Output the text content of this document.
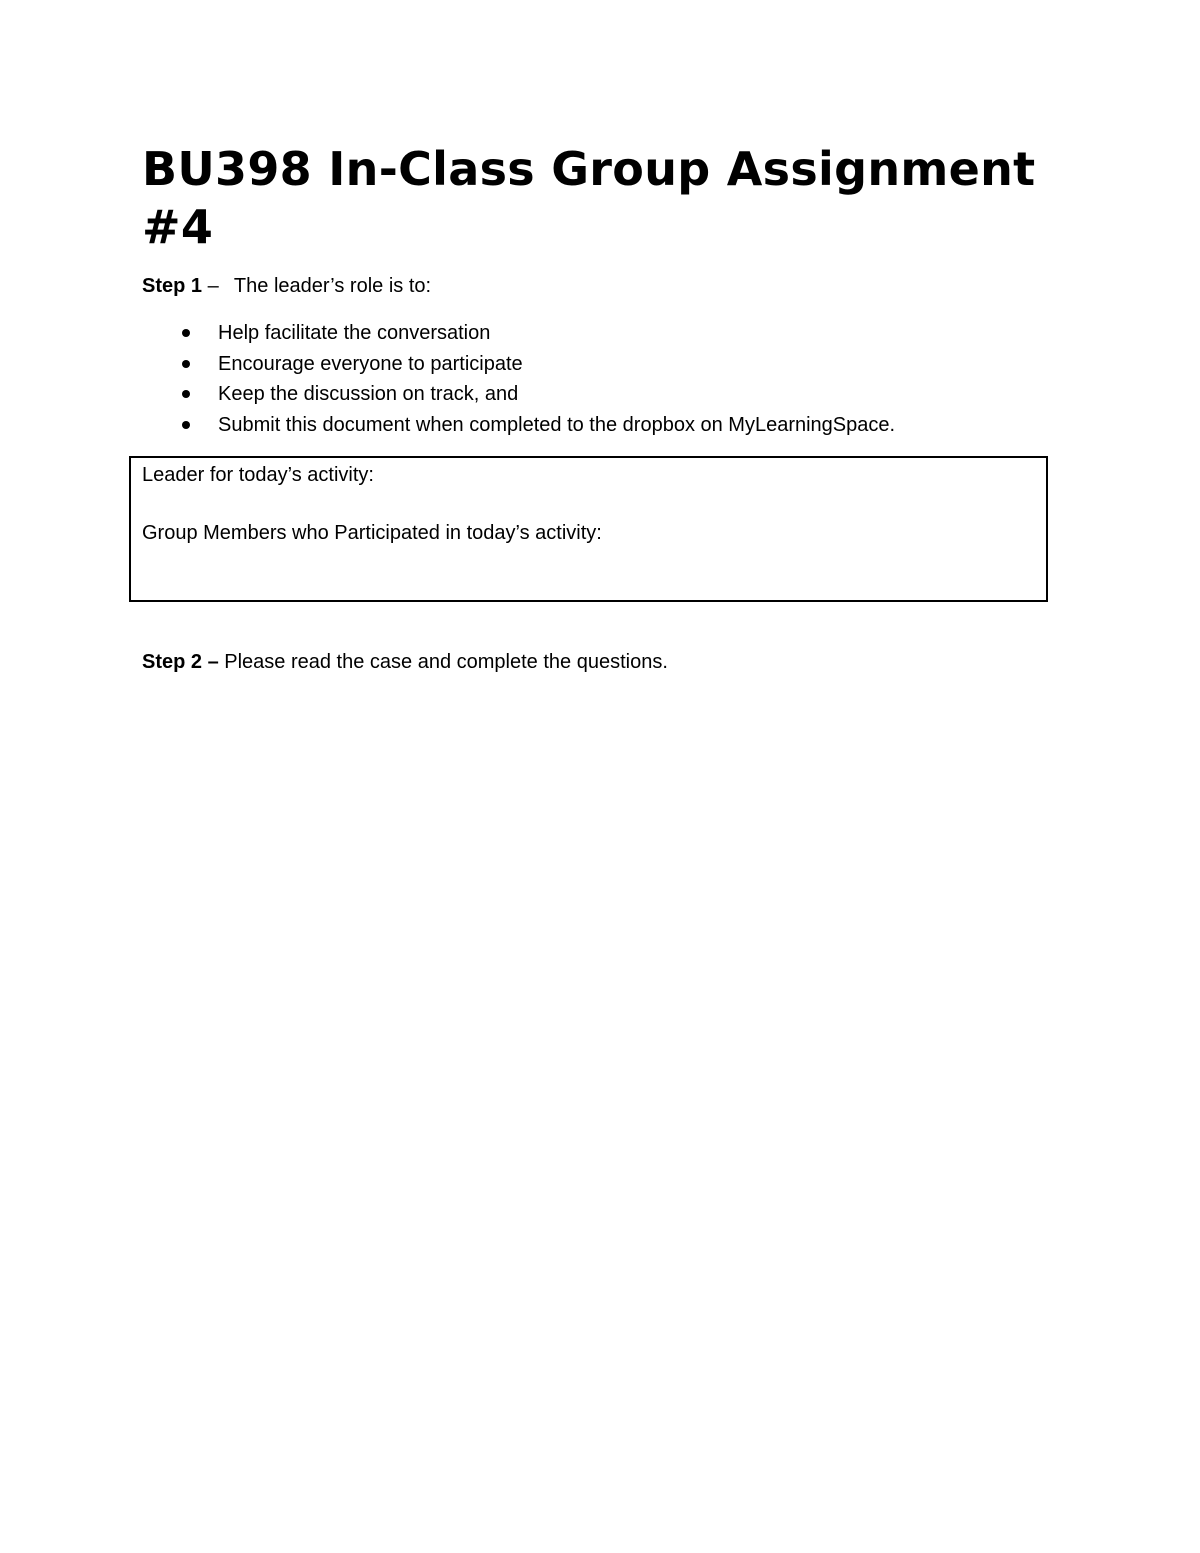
BU398 In-Class Group Assignment #4

Step 1 – The leader’s role is to:

Help facilitate the conversation
Encourage everyone to participate
Keep the discussion on track, and
Submit this document when completed to the dropbox on MyLearningSpace.

Leader for today’s activity:

Group Members who Participated in today’s activity:

Step 2 – Please read the case and complete the questions.
